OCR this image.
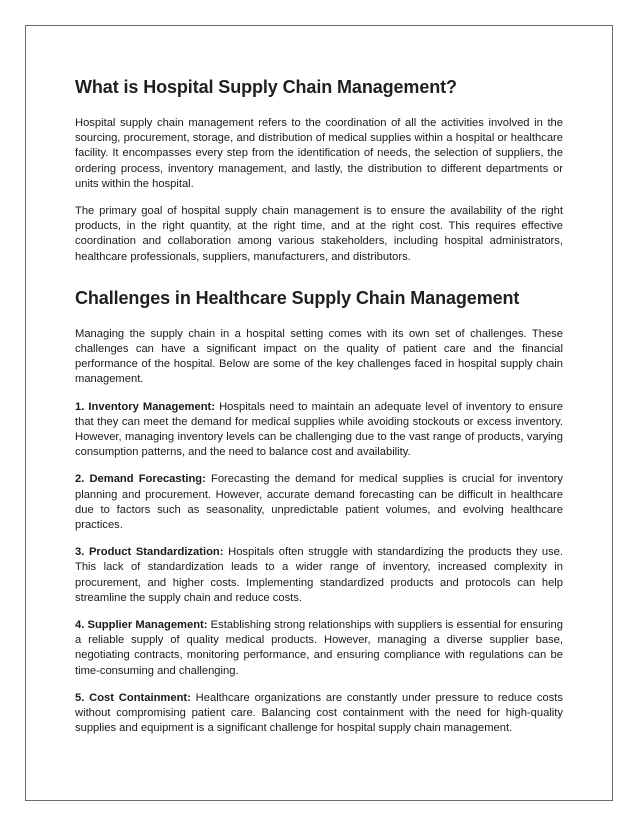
What is Hospital Supply Chain Management?

Hospital supply chain management refers to the coordination of all the activities involved in the sourcing, procurement, storage, and distribution of medical supplies within a hospital or healthcare facility. It encompasses every step from the identification of needs, the selection of suppliers, the ordering process, inventory management, and lastly, the distribution to different departments or units within the hospital.

The primary goal of hospital supply chain management is to ensure the availability of the right products, in the right quantity, at the right time, and at the right cost. This requires effective coordination and collaboration among various stakeholders, including hospital administrators, healthcare professionals, suppliers, manufacturers, and distributors.

Challenges in Healthcare Supply Chain Management

Managing the supply chain in a hospital setting comes with its own set of challenges. These challenges can have a significant impact on the quality of patient care and the financial performance of the hospital. Below are some of the key challenges faced in hospital supply chain management.

1. Inventory Management: Hospitals need to maintain an adequate level of inventory to ensure that they can meet the demand for medical supplies while avoiding stockouts or excess inventory. However, managing inventory levels can be challenging due to the vast range of products, varying consumption patterns, and the need to balance cost and availability.

2. Demand Forecasting: Forecasting the demand for medical supplies is crucial for inventory planning and procurement. However, accurate demand forecasting can be difficult in healthcare due to factors such as seasonality, unpredictable patient volumes, and evolving healthcare practices.

3. Product Standardization: Hospitals often struggle with standardizing the products they use. This lack of standardization leads to a wider range of inventory, increased complexity in procurement, and higher costs. Implementing standardized products and protocols can help streamline the supply chain and reduce costs.

4. Supplier Management: Establishing strong relationships with suppliers is essential for ensuring a reliable supply of quality medical products. However, managing a diverse supplier base, negotiating contracts, monitoring performance, and ensuring compliance with regulations can be time-consuming and challenging.

5. Cost Containment: Healthcare organizations are constantly under pressure to reduce costs without compromising patient care. Balancing cost containment with the need for high-quality supplies and equipment is a significant challenge for hospital supply chain management.
